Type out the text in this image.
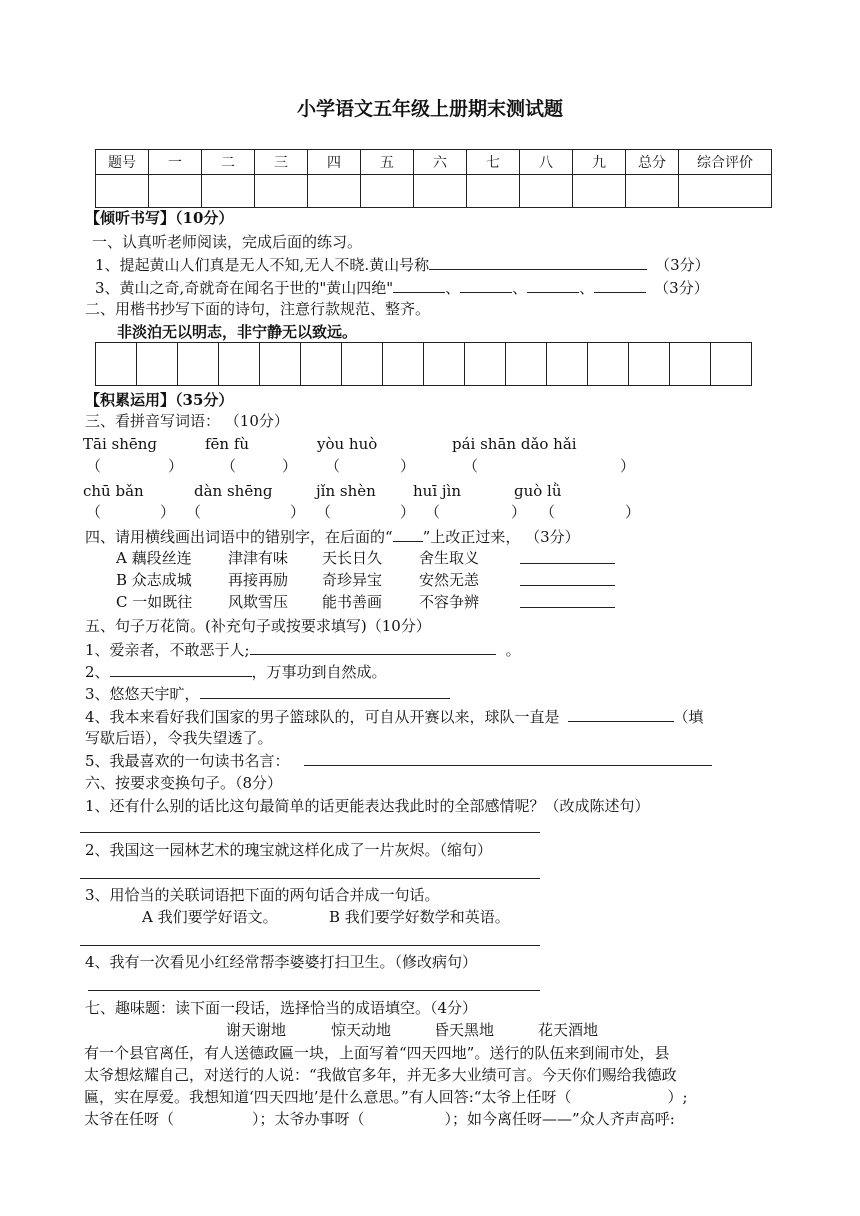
小学语文五年级上册期末测试题
题号	一	二	三	四	五	六	七	八	九	总分	综合评价

【倾听书写】（10分）
一、认真听老师阅读，完成后面的练习。
1、提起黄山人们真是无人不知,无人不晓.黄山号称	（3分）
3、黄山之奇,奇就奇在闻名于世的"黄山四绝"	、	、	、	（3分）
二、用楷书抄写下面的诗句，注意行款规范、整齐。
非淡泊无以明志，非宁静无以致远。

【积累运用】（35分）
三、看拼音写词语： （10分）
Tāi shēnɡ	fēn fù	yòu huò	pái shān dǎo hǎi
（	）	（	） （	）	（	）
chū bǎn	dàn shēnɡ	jǐn shèn huī jìn	ɡuò lǜ
（	） （	） （	） （	） （	）
四、请用横线画出词语中的错别字，在后面的“ ”上改正过来， （3分）
A 藕段丝连 津津有味 天长日久 舍生取义
B 众志成城 再接再励 奇珍异宝 安然无恙
C 一如既往 风欺雪压 能书善画 不容争辨
五、句子万花筒。(补充句子或按要求填写)（10分）
1、爱亲者，不敢恶于人;	。
2、	，万事功到自然成。
3、悠悠天宇旷，
4、我本来看好我们国家的男子篮球队的，可自从开赛以来，球队一直是	（填
写歇后语），令我失望透了。
5、我最喜欢的一句读书名言：
六、按要求变换句子。（8分）
1、还有什么别的话比这句最简单的话更能表达我此时的全部感情呢？（改成陈述句）
2、我国这一园林艺术的瑰宝就这样化成了一片灰烬。（缩句）
3、用恰当的关联词语把下面的两句话合并成一句话。
A 我们要学好语文。	B 我们要学好数学和英语。
4、我有一次看见小红经常帮李婆婆打扫卫生。（修改病句）
七、趣味题：读下面一段话，选择恰当的成语填空。（4分）
谢天谢地	惊天动地	昏天黑地	花天酒地
有一个县官离任，有人送德政匾一块，上面写着“四天四地”。送行的队伍来到闹市处，县
太爷想炫耀自己，对送行的人说：“我做官多年，并无多大业绩可言。今天你们赐给我德政
匾，实在厚爱。我想知道‘四天四地’是什么意思。”有人回答:“太爷上任呀（	）;
太爷在任呀（	）；太爷办事呀（	）；如今离任呀——”众人齐声高呼:
